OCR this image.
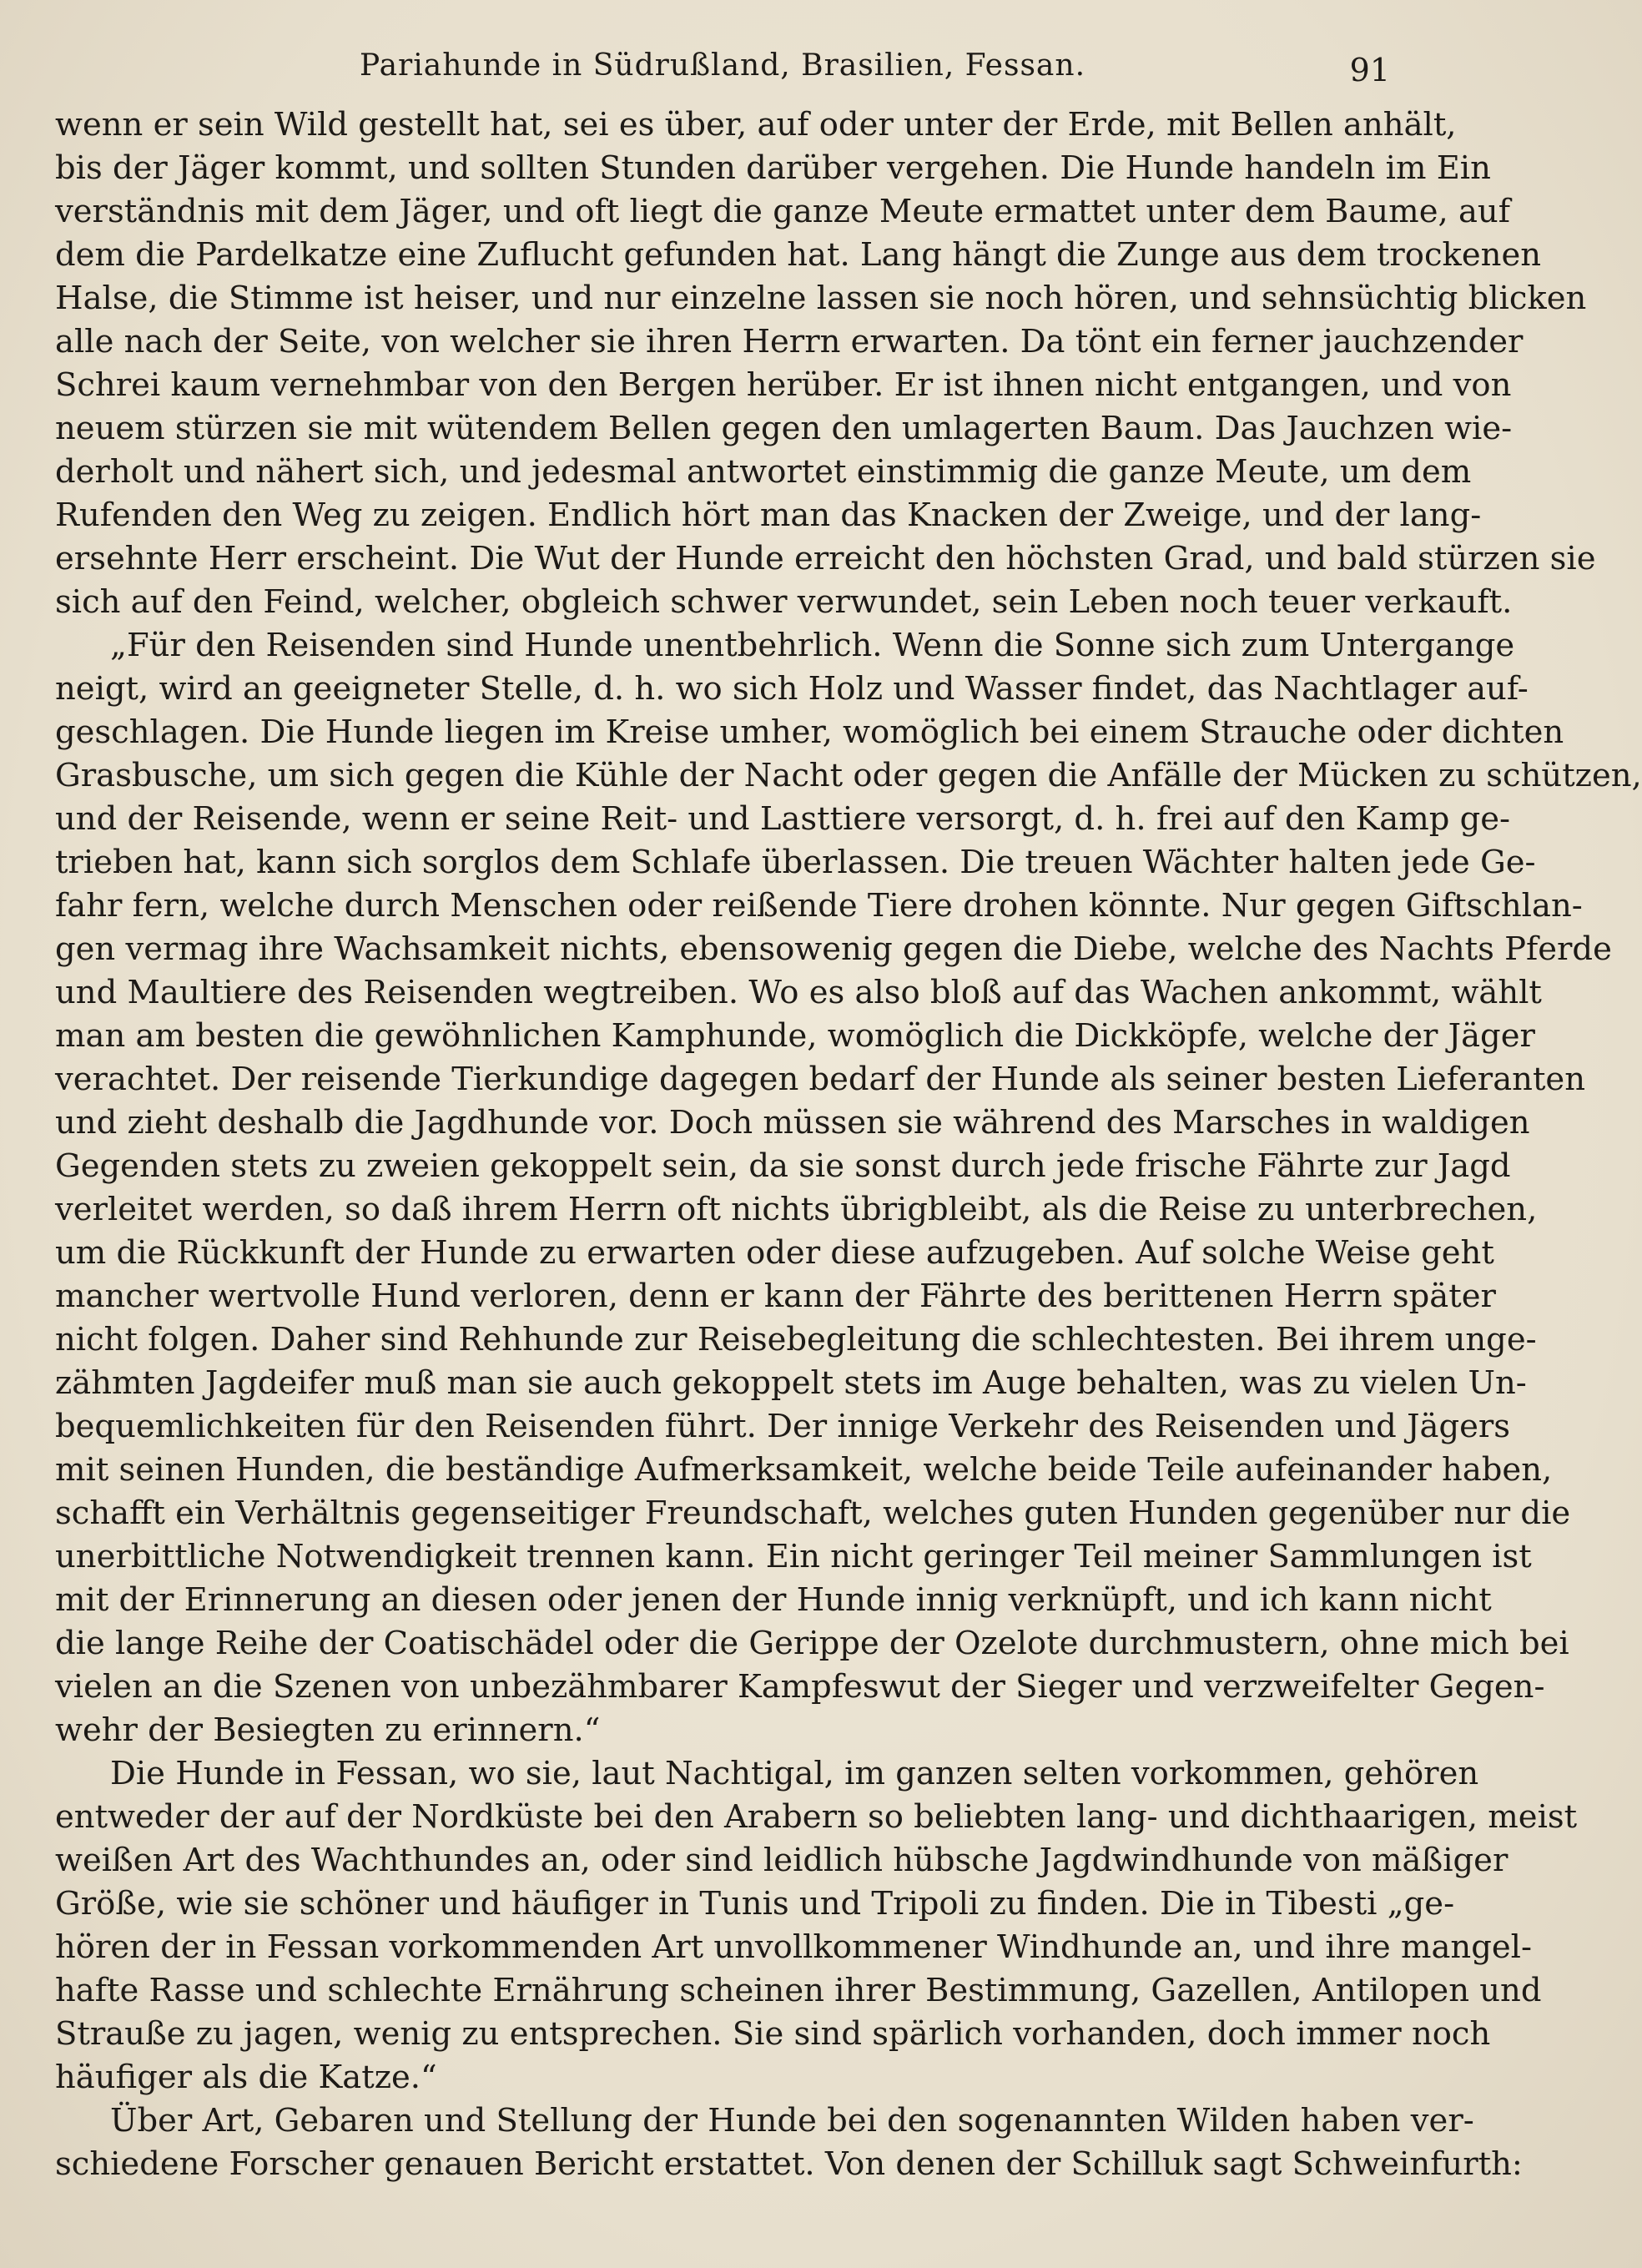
Pariahunde in Südrußland, Brasilien, Fessan.	91

wenn er sein Wild gestellt hat, sei es über, auf oder unter der Erde, mit Bellen anhält,

bis der Jäger kommt, und sollten Stunden darüber vergehen. Die Hunde handeln im Ein

verständnis mit dem Jäger, und oft liegt die ganze Meute ermattet unter dem Baume, auf

dem die Pardelkatze eine Zuflucht gefunden hat. Lang hängt die Zunge aus dem trockenen

Halse, die Stimme ist heiser, und nur einzelne lassen sie noch hören, und sehnsüchtig blicken

alle nach der Seite, von welcher sie ihren Herrn erwarten. Da tönt ein ferner jauchzender

Schrei kaum vernehmbar von den Bergen herüber. Er ist ihnen nicht entgangen, und von

neuem stürzen sie mit wütendem Bellen gegen den umlagerten Baum. Das Jauchzen wie-

derholt und nähert sich, und jedesmal antwortet einstimmig die ganze Meute, um dem

Rufenden den Weg zu zeigen. Endlich hört man das Knacken der Zweige, und der lang-

ersehnte Herr erscheint. Die Wut der Hunde erreicht den höchsten Grad, und bald stürzen sie

sich auf den Feind, welcher, obgleich schwer verwundet, sein Leben noch teuer verkauft.

„Für den Reisenden sind Hunde unentbehrlich. Wenn die Sonne sich zum Untergange

neigt, wird an geeigneter Stelle, d. h. wo sich Holz und Wasser findet, das Nachtlager auf-

geschlagen. Die Hunde liegen im Kreise umher, womöglich bei einem Strauche oder dichten

Grasbusche, um sich gegen die Kühle der Nacht oder gegen die Anfälle der Mücken zu schützen,

und der Reisende, wenn er seine Reit- und Lasttiere versorgt, d. h. frei auf den Kamp ge-

trieben hat, kann sich sorglos dem Schlafe überlassen. Die treuen Wächter halten jede Ge-

fahr fern, welche durch Menschen oder reißende Tiere drohen könnte. Nur gegen Giftschlan-

gen vermag ihre Wachsamkeit nichts, ebensowenig gegen die Diebe, welche des Nachts Pferde

und Maultiere des Reisenden wegtreiben. Wo es also bloß auf das Wachen ankommt, wählt

man am besten die gewöhnlichen Kamphunde, womöglich die Dickköpfe, welche der Jäger

verachtet. Der reisende Tierkundige dagegen bedarf der Hunde als seiner besten Lieferanten

und zieht deshalb die Jagdhunde vor. Doch müssen sie während des Marsches in waldigen

Gegenden stets zu zweien gekoppelt sein, da sie sonst durch jede frische Fährte zur Jagd

verleitet werden, so daß ihrem Herrn oft nichts übrigbleibt, als die Reise zu unterbrechen,

um die Rückkunft der Hunde zu erwarten oder diese aufzugeben. Auf solche Weise geht

mancher wertvolle Hund verloren, denn er kann der Fährte des berittenen Herrn später

nicht folgen. Daher sind Rehhunde zur Reisebegleitung die schlechtesten. Bei ihrem unge-

zähmten Jagdeifer muß man sie auch gekoppelt stets im Auge behalten, was zu vielen Un-

bequemlichkeiten für den Reisenden führt. Der innige Verkehr des Reisenden und Jägers

mit seinen Hunden, die beständige Aufmerksamkeit, welche beide Teile aufeinander haben,

schafft ein Verhältnis gegenseitiger Freundschaft, welches guten Hunden gegenüber nur die

unerbittliche Notwendigkeit trennen kann. Ein nicht geringer Teil meiner Sammlungen ist

mit der Erinnerung an diesen oder jenen der Hunde innig verknüpft, und ich kann nicht

die lange Reihe der Coatischädel oder die Gerippe der Ozelote durchmustern, ohne mich bei

vielen an die Szenen von unbezähmbarer Kampfeswut der Sieger und verzweifelter Gegen-

wehr der Besiegten zu erinnern.“

Die Hunde in Fessan, wo sie, laut Nachtigal, im ganzen selten vorkommen, gehören

entweder der auf der Nordküste bei den Arabern so beliebten lang- und dichthaarigen, meist

weißen Art des Wachthundes an, oder sind leidlich hübsche Jagdwindhunde von mäßiger

Größe, wie sie schöner und häufiger in Tunis und Tripoli zu finden. Die in Tibesti „ge-

hören der in Fessan vorkommenden Art unvollkommener Windhunde an, und ihre mangel-

hafte Rasse und schlechte Ernährung scheinen ihrer Bestimmung, Gazellen, Antilopen und

Strauße zu jagen, wenig zu entsprechen. Sie sind spärlich vorhanden, doch immer noch

häufiger als die Katze.“

Über Art, Gebaren und Stellung der Hunde bei den sogenannten Wilden haben ver-

schiedene Forscher genauen Bericht erstattet. Von denen der Schilluk sagt Schweinfurth:
